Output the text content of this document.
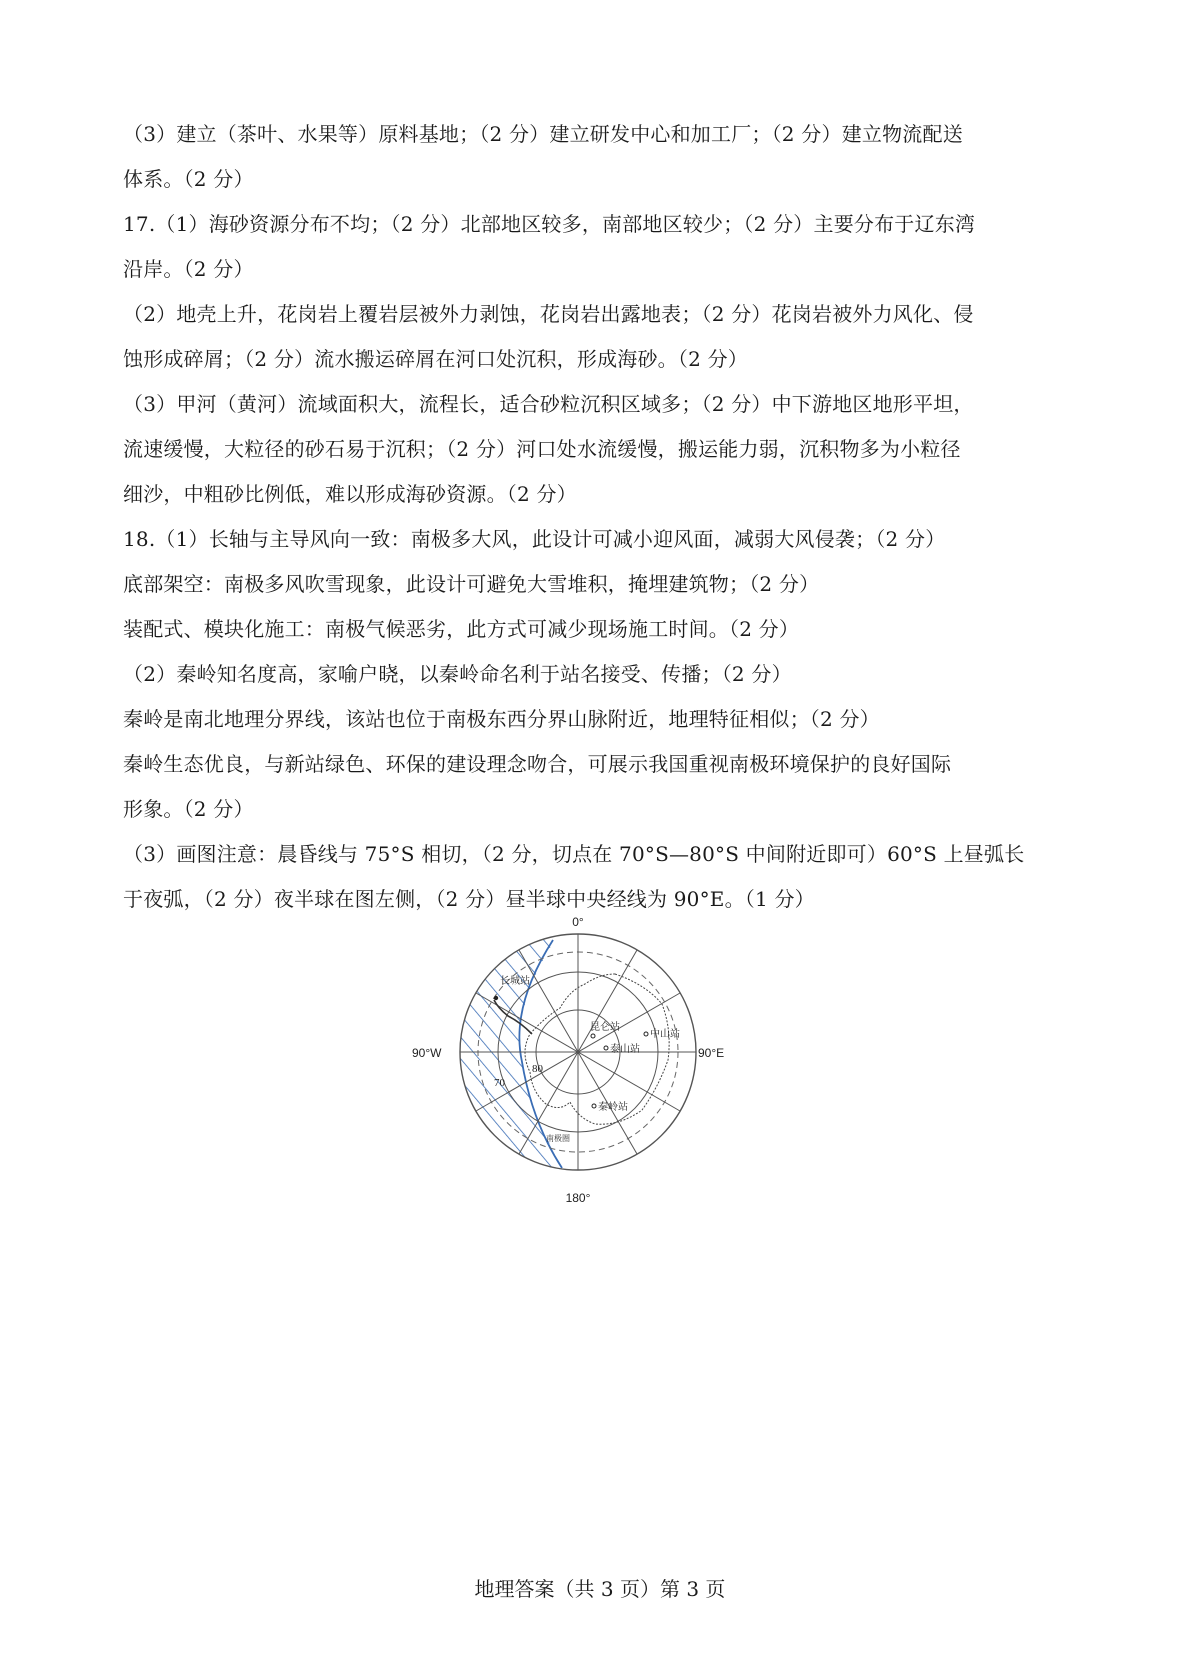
（3）建立（茶叶、水果等）原料基地；（2 分）建立研发中心和加工厂；（2 分）建立物流配送
体系。（2 分）
17.（1）海砂资源分布不均；（2 分）北部地区较多，南部地区较少；（2 分）主要分布于辽东湾
沿岸。（2 分）
（2）地壳上升，花岗岩上覆岩层被外力剥蚀，花岗岩出露地表；（2 分）花岗岩被外力风化、侵
蚀形成碎屑；（2 分）流水搬运碎屑在河口处沉积，形成海砂。（2 分）
（3）甲河（黄河）流域面积大，流程长，适合砂粒沉积区域多；（2 分）中下游地区地形平坦，
流速缓慢，大粒径的砂石易于沉积；（2 分）河口处水流缓慢，搬运能力弱，沉积物多为小粒径
细沙，中粗砂比例低，难以形成海砂资源。（2 分）
18.（1）长轴与主导风向一致：南极多大风，此设计可减小迎风面，减弱大风侵袭；（2 分）
底部架空：南极多风吹雪现象，此设计可避免大雪堆积，掩埋建筑物；（2 分）
装配式、模块化施工：南极气候恶劣，此方式可减少现场施工时间。（2 分）
（2）秦岭知名度高，家喻户晓，以秦岭命名利于站名接受、传播；（2 分）
秦岭是南北地理分界线，该站也位于南极东西分界山脉附近，地理特征相似；（2 分）
秦岭生态优良，与新站绿色、环保的建设理念吻合，可展示我国重视南极环境保护的良好国际
形象。（2 分）
（3）画图注意：晨昏线与 75°S 相切，（2 分，切点在 70°S—80°S 中间附近即可）60°S 上昼弧长
于夜弧，（2 分）夜半球在图左侧，（2 分）昼半球中央经线为 90°E。（1 分）
0°
180°
90°W	90°E
70
80
长城站
昆仑站
中山站
泰山站
秦岭站
南极圈
地理答案（共 3 页）第 3 页
